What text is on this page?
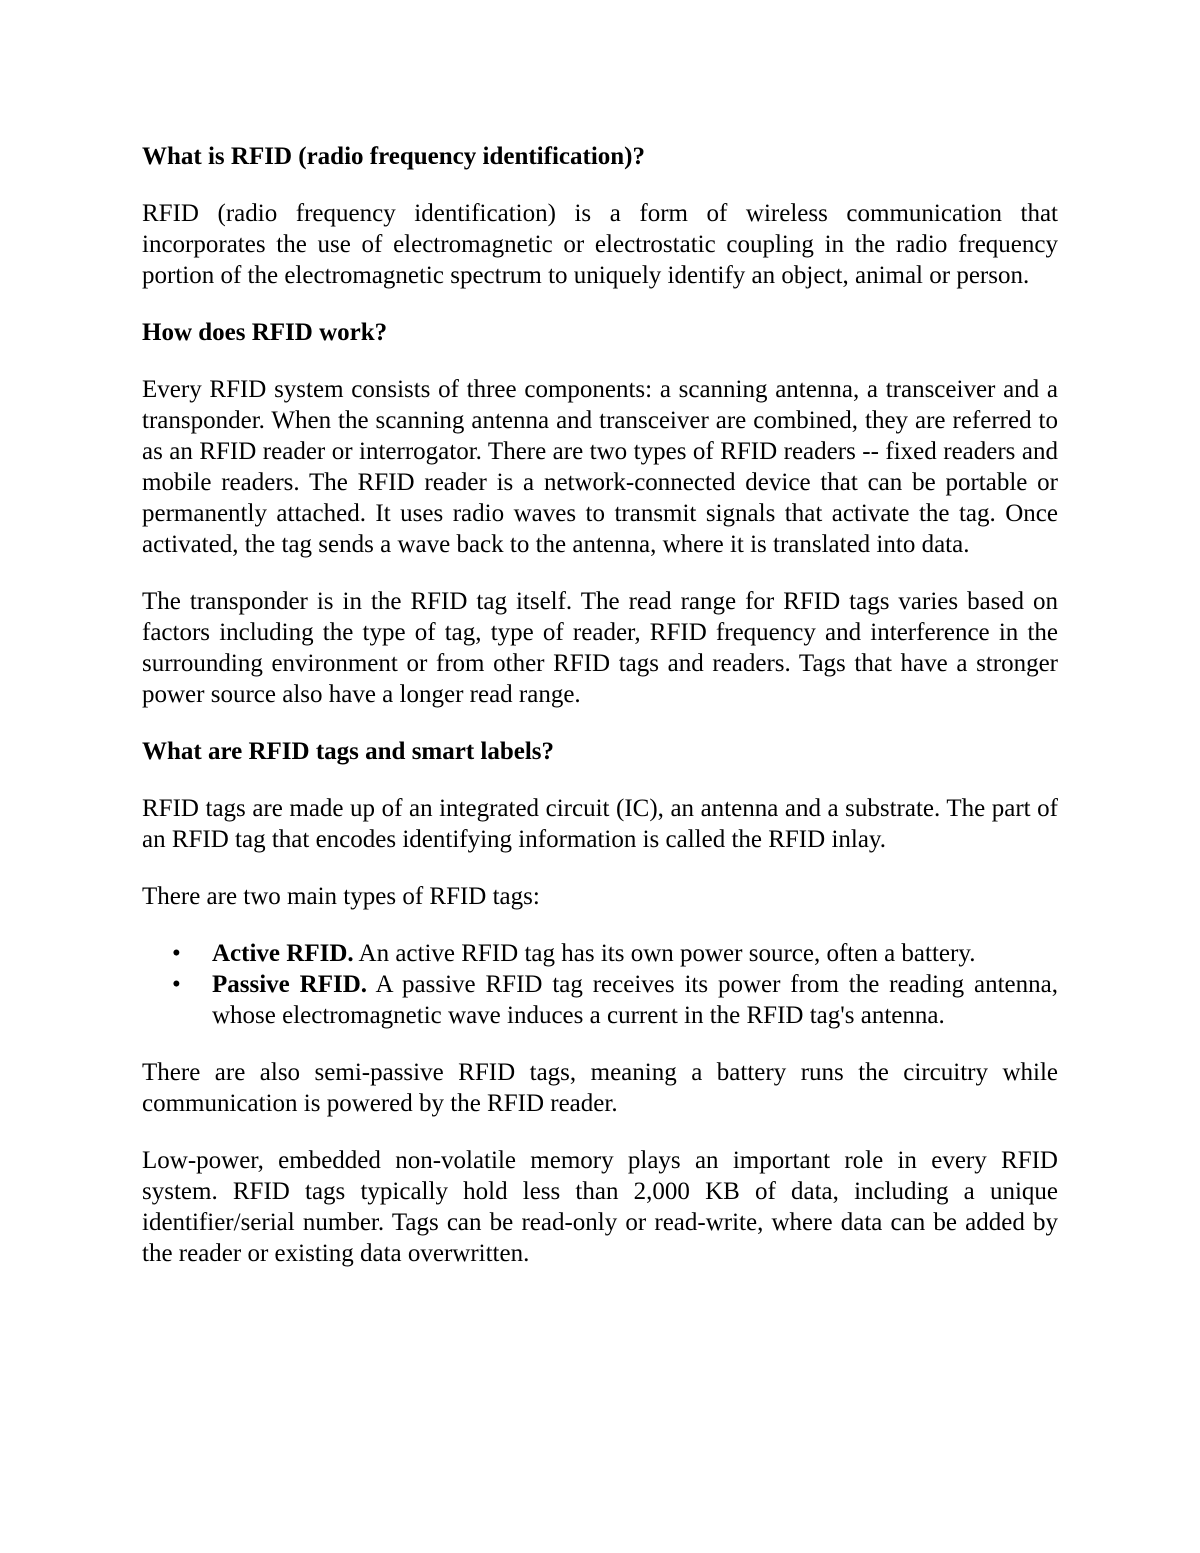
What is RFID (radio frequency identification)?

RFID (radio frequency identification) is a form of wireless communication that incorporates the use of electromagnetic or electrostatic coupling in the radio frequency portion of the electromagnetic spectrum to uniquely identify an object, animal or person.

How does RFID work?

Every RFID system consists of three components: a scanning antenna, a transceiver and a transponder. When the scanning antenna and transceiver are combined, they are referred to as an RFID reader or interrogator. There are two types of RFID readers -- fixed readers and mobile readers. The RFID reader is a network-connected device that can be portable or permanently attached. It uses radio waves to transmit signals that activate the tag. Once activated, the tag sends a wave back to the antenna, where it is translated into data.

The transponder is in the RFID tag itself. The read range for RFID tags varies based on factors including the type of tag, type of reader, RFID frequency and interference in the surrounding environment or from other RFID tags and readers. Tags that have a stronger power source also have a longer read range.

What are RFID tags and smart labels?

RFID tags are made up of an integrated circuit (IC), an antenna and a substrate. The part of an RFID tag that encodes identifying information is called the RFID inlay.

There are two main types of RFID tags:

• Active RFID. An active RFID tag has its own power source, often a battery.
• Passive RFID. A passive RFID tag receives its power from the reading antenna, whose electromagnetic wave induces a current in the RFID tag's antenna.

There are also semi-passive RFID tags, meaning a battery runs the circuitry while communication is powered by the RFID reader.

Low-power, embedded non-volatile memory plays an important role in every RFID system. RFID tags typically hold less than 2,000 KB of data, including a unique identifier/serial number. Tags can be read-only or read-write, where data can be added by the reader or existing data overwritten.
